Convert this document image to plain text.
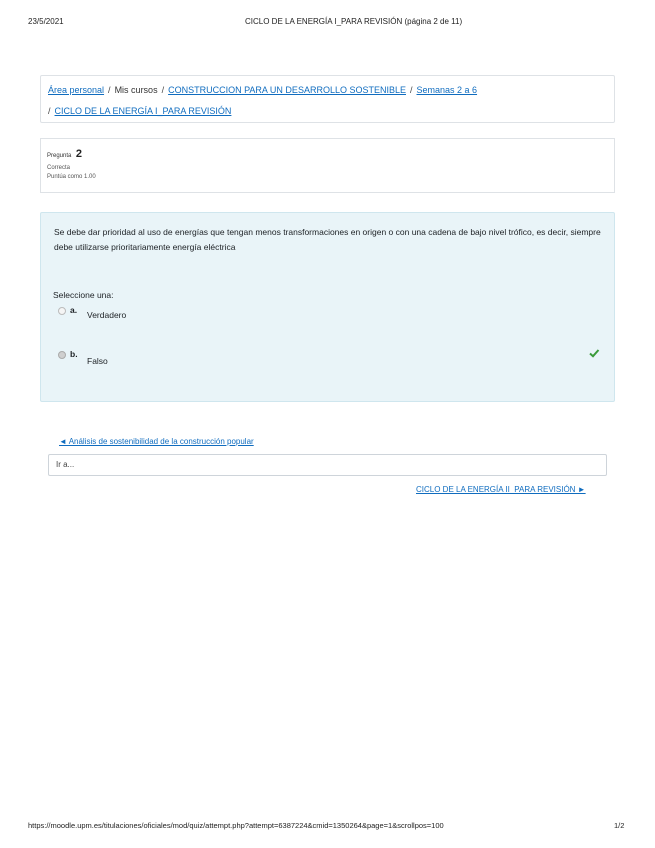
23/5/2021	CICLO DE LA ENERGÍA I_PARA REVISIÓN (página 2 de 11)
Área personal / Mis cursos / CONSTRUCCION PARA UN DESARROLLO SOSTENIBLE / Semanas 2 a 6
/ CICLO DE LA ENERGÍA I_PARA REVISIÓN
Pregunta 2
Correcta
Puntúa como 1.00
Se debe dar prioridad al uso de energías que tengan menos transformaciones en origen o con una cadena de bajo nivel trófico, es decir, siempre debe utilizarse prioritariamente energía eléctrica
Seleccione una:
a. Verdadero
b.
Falso
◄ Análisis de sostenibilidad de la construcción popular
Ir a...
CICLO DE LA ENERGÍA II_PARA REVISIÓN ►
https://moodle.upm.es/titulaciones/oficiales/mod/quiz/attempt.php?attempt=6387224&cmid=1350264&page=1&scrollpos=100	1/2
